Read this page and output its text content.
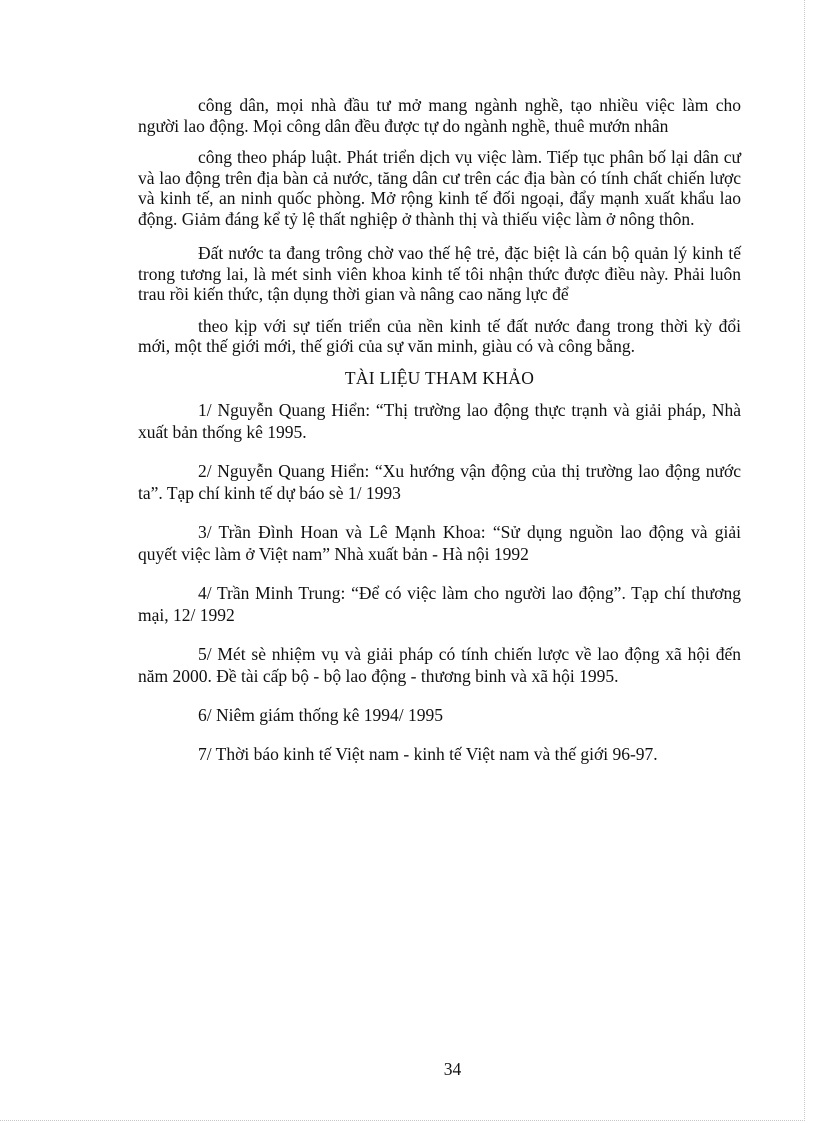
công dân, mọi nhà đầu tư mở mang ngành nghề, tạo nhiều việc làm cho người lao động. Mọi công dân đều được tự do ngành nghề, thuê mướn nhân

công theo pháp luật. Phát triển dịch vụ việc làm. Tiếp tục phân bố lại dân cư và lao động trên địa bàn cả nước, tăng dân cư trên các địa bàn có tính chất chiến lược và kinh tế, an ninh quốc phòng. Mở rộng kinh tế đối ngoại, đẩy mạnh xuất khẩu lao động. Giảm đáng kể tỷ lệ thất nghiệp ở thành thị và thiếu việc làm ở nông thôn.

Đất nước ta đang trông chờ vao thế hệ trẻ, đặc biệt là cán bộ quản lý kinh tế trong tương lai, là mét sinh viên khoa kinh tế tôi nhận thức được điều này. Phải luôn trau rồi kiến thức, tận dụng thời gian và nâng cao năng lực để

theo kịp với sự tiến triển của nền kinh tế đất nước đang trong thời kỳ đổi mới, một thế giới mới, thế giới của sự văn minh, giàu có và công bằng.

TÀI LIỆU THAM KHẢO

1/ Nguyễn Quang Hiển: “Thị trường lao động thực trạnh và giải pháp, Nhà xuất bản thống kê 1995.

2/ Nguyễn Quang Hiển: “Xu hướng vận động của thị trường lao động nước ta”. Tạp chí kinh tế dự báo sè 1/ 1993

3/ Trần Đình Hoan và Lê Mạnh Khoa: “Sử dụng nguồn lao động và giải quyết việc làm ở Việt nam” Nhà xuất bản - Hà nội 1992

4/ Trần Minh Trung: “Để có việc làm cho người lao động”. Tạp chí thương mại, 12/ 1992

5/ Mét sè nhiệm vụ và giải pháp có tính chiến lược về lao động xã hội đến năm 2000. Đề tài cấp bộ - bộ lao động - thương binh và xã hội 1995.

6/ Niêm giám thống kê 1994/ 1995

7/ Thời báo kinh tế Việt nam - kinh tế Việt nam và thế giới 96-97.

34
